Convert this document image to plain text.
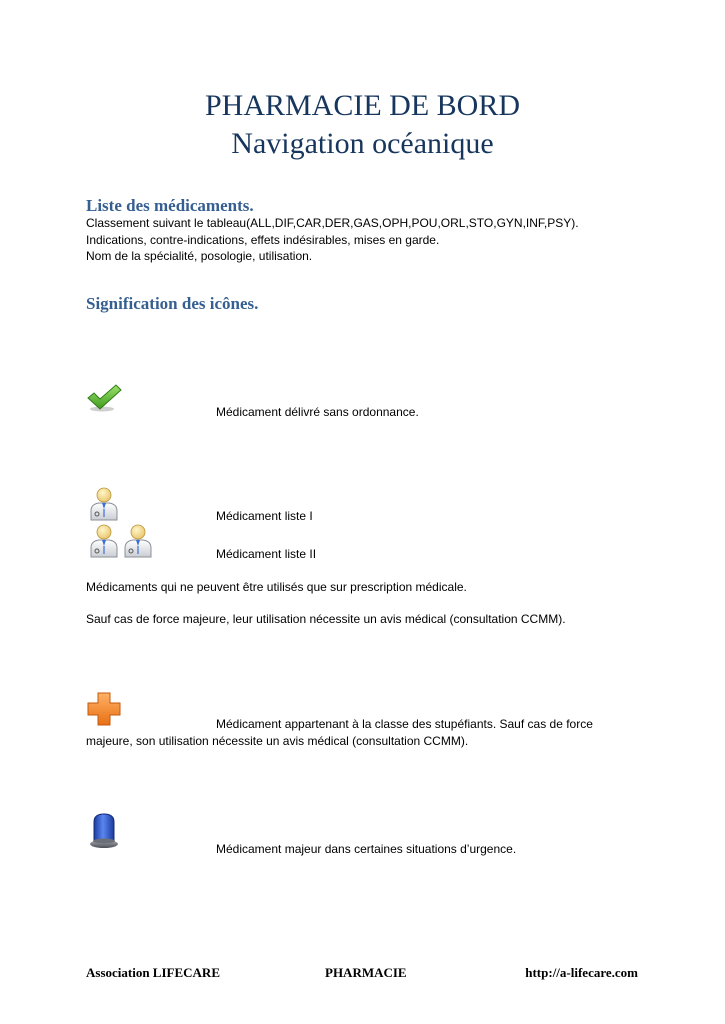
PHARMACIE DE BORD
Navigation océanique
Liste des médicaments.
Classement suivant le tableau(ALL,DIF,CAR,DER,GAS,OPH,POU,ORL,STO,GYN,INF,PSY).
Indications, contre-indications, effets indésirables, mises en garde.
Nom de la spécialité, posologie, utilisation.
Signification des icônes.
Médicament délivré sans ordonnance.
Médicament liste I
Médicament liste II
Médicaments qui ne peuvent être utilisés que sur prescription médicale.
Sauf cas de force majeure, leur utilisation nécessite un avis médical (consultation CCMM).
Médicament appartenant à la classe des stupéfiants. Sauf cas de force
majeure, son utilisation nécessite un avis médical (consultation CCMM).
Médicament majeur dans certaines situations d’urgence.
Association LIFECARE	PHARMACIE	http://a-lifecare.com
